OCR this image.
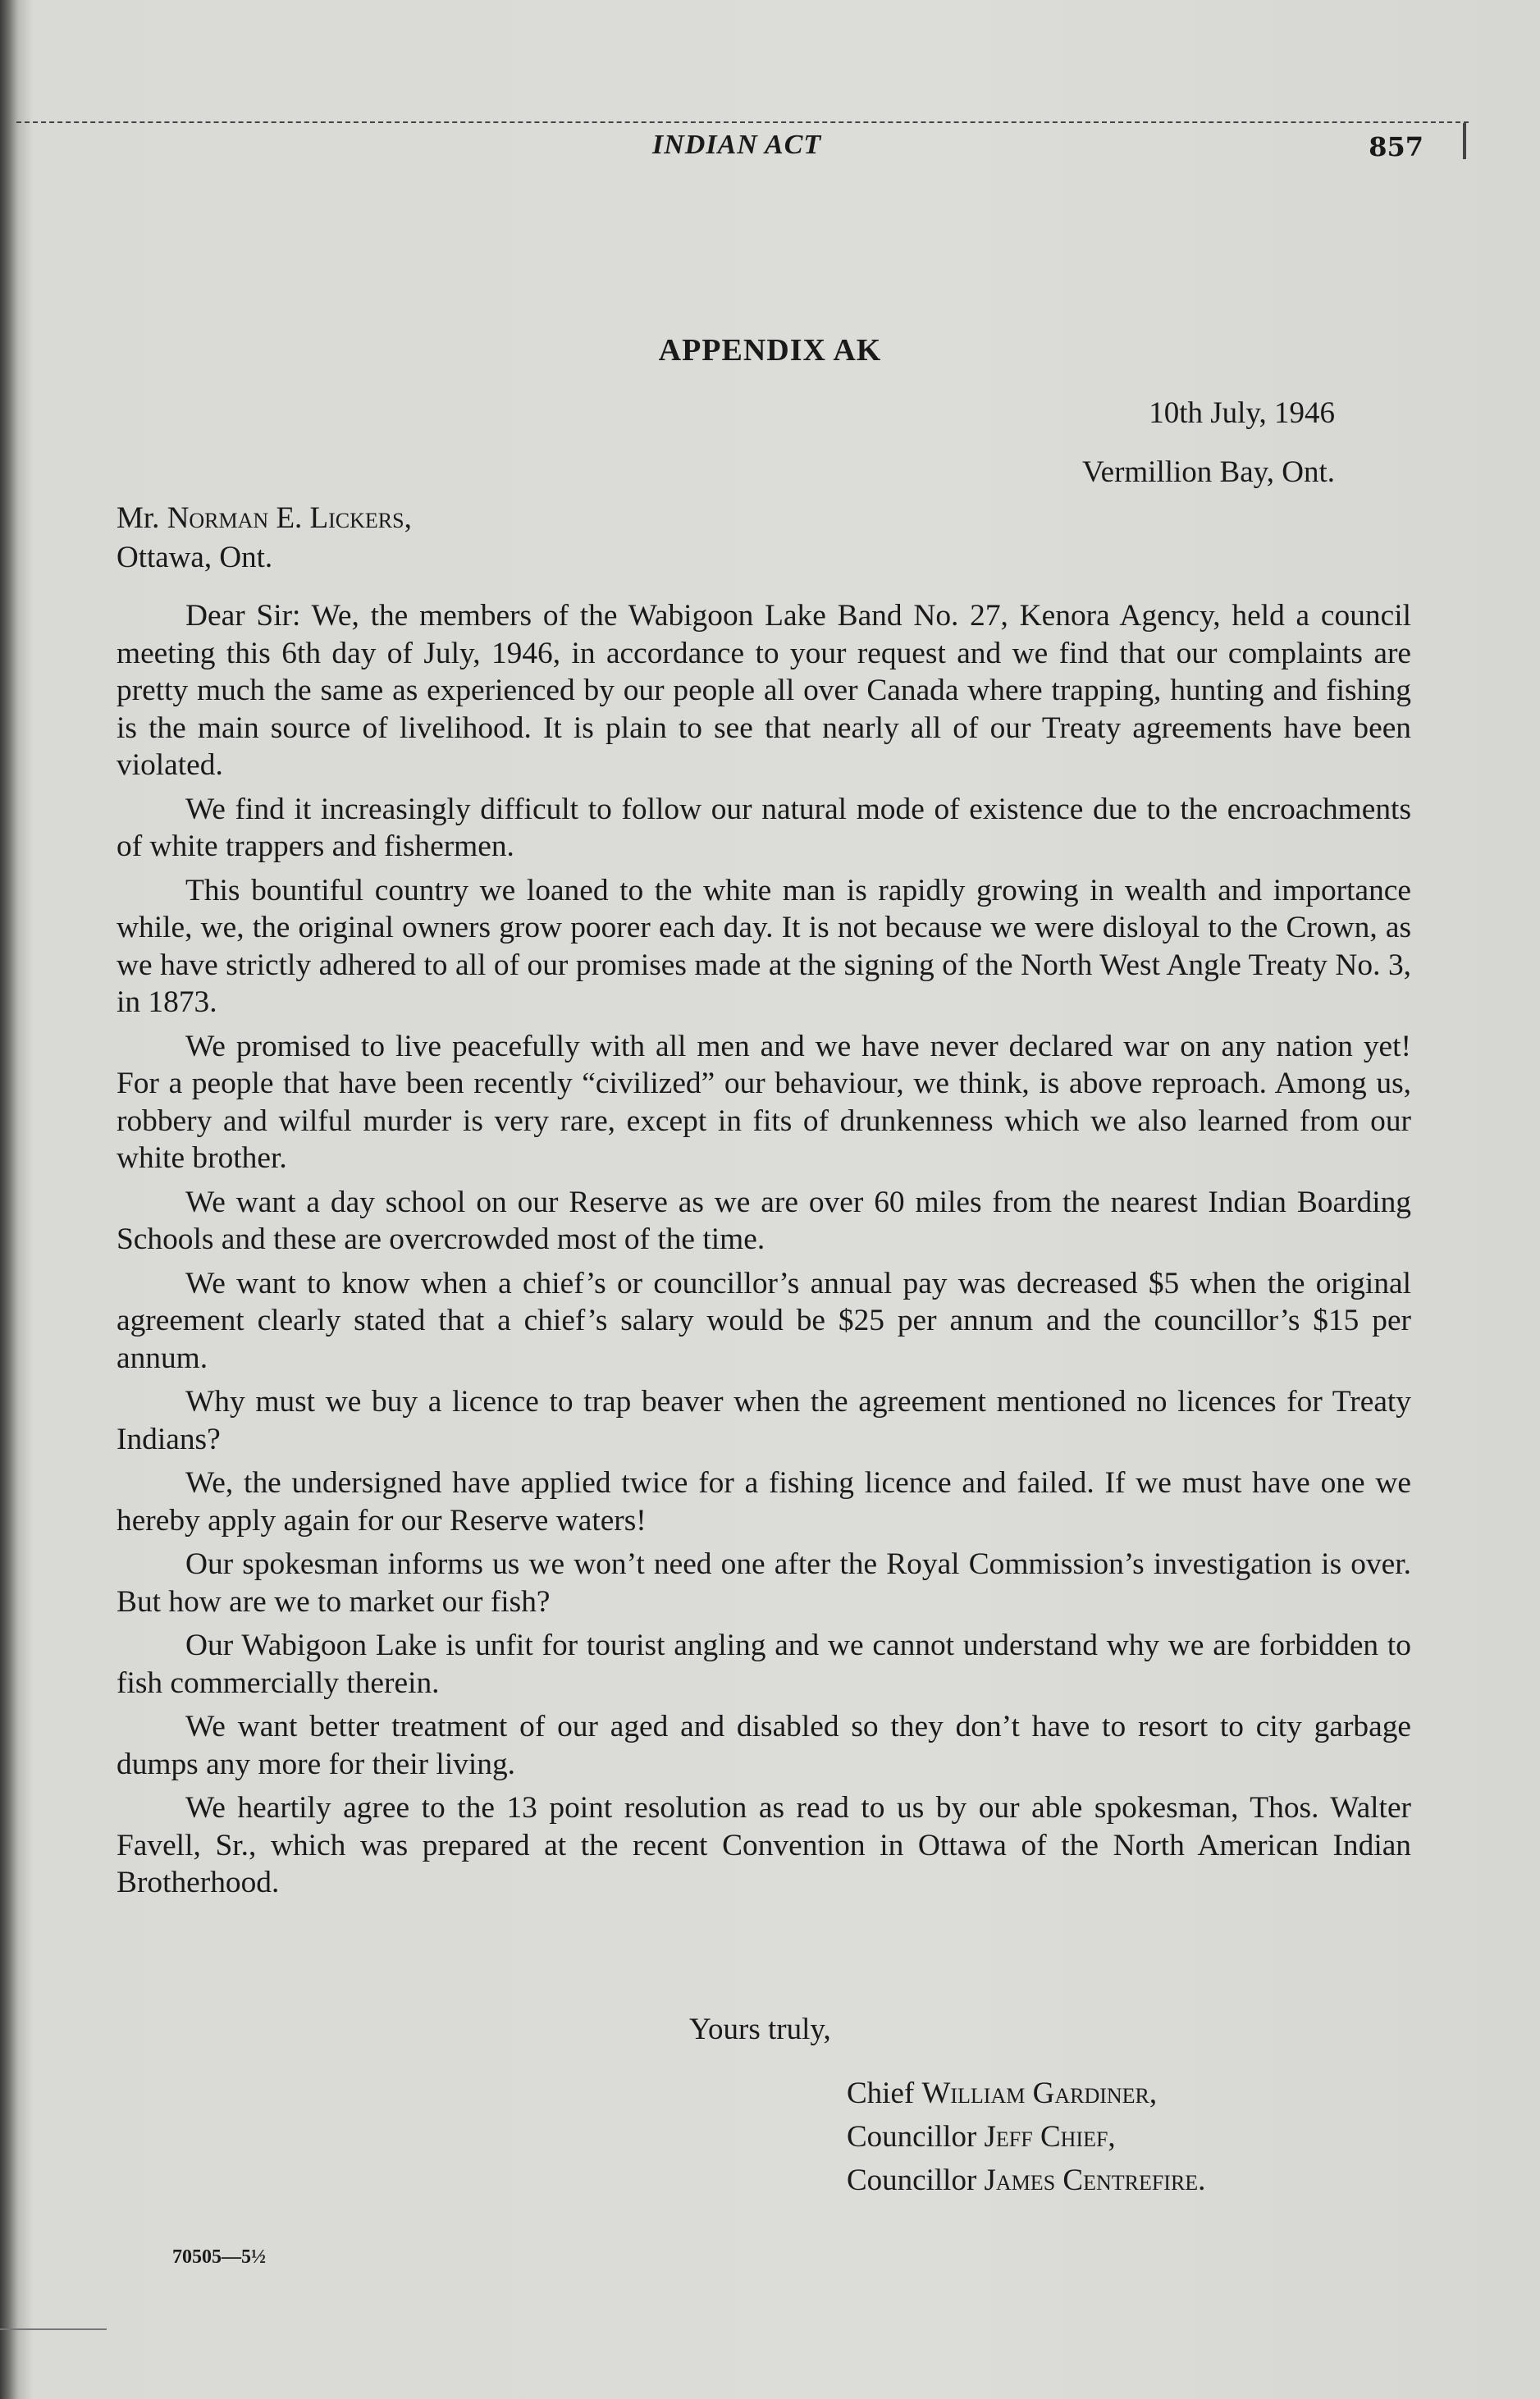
INDIAN ACT	857
APPENDIX AK
10th July, 1946
Vermillion Bay, Ont.
Mr. Norman E. Lickers,
Ottawa, Ont.

Dear Sir: We, the members of the Wabigoon Lake Band No. 27, Kenora Agency, held a council meeting this 6th day of July, 1946, in accordance to your request and we find that our complaints are pretty much the same as experienced by our people all over Canada where trapping, hunting and fishing is the main source of livelihood. It is plain to see that nearly all of our Treaty agreements have been violated.

We find it increasingly difficult to follow our natural mode of existence due to the encroachments of white trappers and fishermen.

This bountiful country we loaned to the white man is rapidly growing in wealth and importance while, we, the original owners grow poorer each day. It is not because we were disloyal to the Crown, as we have strictly adhered to all of our promises made at the signing of the North West Angle Treaty No. 3, in 1873.

We promised to live peacefully with all men and we have never declared war on any nation yet! For a people that have been recently “civilized” our behaviour, we think, is above reproach. Among us, robbery and wilful murder is very rare, except in fits of drunkenness which we also learned from our white brother.

We want a day school on our Reserve as we are over 60 miles from the nearest Indian Boarding Schools and these are overcrowded most of the time.

We want to know when a chief’s or councillor’s annual pay was decreased $5 when the original agreement clearly stated that a chief’s salary would be $25 per annum and the councillor’s $15 per annum.

Why must we buy a licence to trap beaver when the agreement mentioned no licences for Treaty Indians?

We, the undersigned have applied twice for a fishing licence and failed. If we must have one we hereby apply again for our Reserve waters!

Our spokesman informs us we won’t need one after the Royal Commission’s investigation is over. But how are we to market our fish?

Our Wabigoon Lake is unfit for tourist angling and we cannot understand why we are forbidden to fish commercially therein.

We want better treatment of our aged and disabled so they don’t have to resort to city garbage dumps any more for their living.

We heartily agree to the 13 point resolution as read to us by our able spokesman, Thos. Walter Favell, Sr., which was prepared at the recent Convention in Ottawa of the North American Indian Brotherhood.

Yours truly,
Chief William Gardiner,
Councillor Jeff Chief,
Councillor James Centrefire.
70505—5½
